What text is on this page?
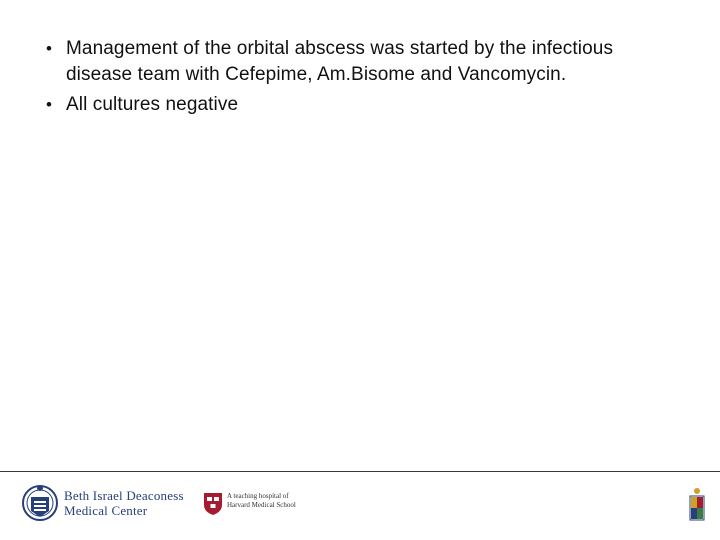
• Management of the orbital abscess was started by the infectious disease team with Cefepime, Am.Bisome and Vancomycin.
• All cultures negative
Beth Israel Deaconess
Medical Center
A teaching hospital of
Harvard Medical School
